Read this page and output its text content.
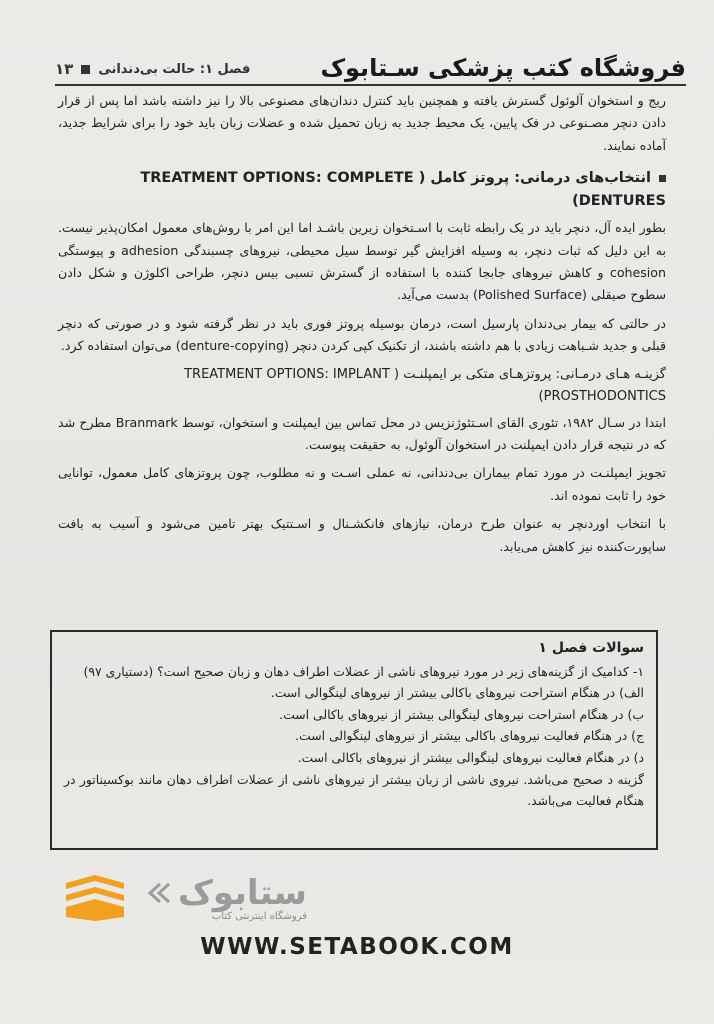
فروشگاه کتب پزشکی سـتابوک
فصل ۱: حالت بی‌دندانی
۱۳

ریج و استخوان آلوئول گسترش یافته و همچنین باید کنترل دندان‌های مصنوعی بالا را نیز داشته باشد اما پس از قرار دادن دنچر مصـنوعی در فک پایین، یک محیط جدید به زبان تحمیل شده و عضلات زبان باید خود را برای شرایط جدید، آماده نمایند.

انتخاب‌های درمانی: پروتز کامل ( TREATMENT OPTIONS: COMPLETE DENTURES)

بطور ایده آل، دنچر باید در یک رابطه ثابت با اسـتخوان زیرین باشـد اما این امر با روش‌های معمول امکان‌پذیر نیست. به این دلیل که ثبات دنچر، به وسیله افزایش گیر توسط سیل محیطی، نیروهای چسبندگی adhesion و پیوستگی cohesion و کاهش نیروهای جابجا کننده با استفاده از گسترش نسبی بیس دنچر، طراحی اکلوژن و شکل دادن سطوح صیقلی (Polished Surface) بدست می‌آید.

در حالتی که بیمار بی‌دندان پارسیل است، درمان بوسیله پروتز فوری باید در نظر گرفته شود و در صورتی که دنچر قبلی و جدید شـباهت زیادی با هم داشته باشند، از تکنیک کپی کردن دنچر (denture-copying) می‌توان استفاده کرد.

گزینـه هـای درمـانی: پروتزهـای متکی بر ایمپلنـت ( TREATMENT OPTIONS: IMPLANT PROSTHODONTICS)

ابتدا در سـال ۱۹۸۲، تئوری القای اسـتئوژنزیس در محل تماس بین ایمپلنت و استخوان، توسط Branmark مطرح شد که در نتیجه قرار دادن ایمپلنت در استخوان آلوئول، به حقیقت پیوست.

تجویز ایمپلنـت در مورد تمام بیماران بی‌دندانی، نه عملی اسـت و نه مطلوب، چون پروتزهای کامل معمول، توانایی خود را ثابت نموده اند.

با انتخاب اوردنچر به عنوان طرح درمان، نیازهای فانکشـنال و اسـتتیک بهتر تامین می‌شود و آسیب به بافت ساپورت‌کننده نیز کاهش می‌یابد.

سوالات فصل ۱
۱- کدامیک از گزینه‌های زیر در مورد نیروهای ناشی از عضلات اطراف دهان و زبان صحیح است؟ (دستیاری ۹۷)
الف) در هنگام استراحت نیروهای باکالی بیشتر از نیروهای لینگوالی است.
ب) در هنگام استراحت نیروهای لینگوالی بیشتر از نیروهای باکالی است.
ج) در هنگام فعالیت نیروهای باکالی بیشتر از نیروهای لینگوالی است.
د) در هنگام فعالیت نیروهای لینگوالی بیشتر از نیروهای باکالی است.
گزینه د صحیح می‌باشد. نیروی ناشی از زبان بیشتر از نیروهای ناشی از عضلات اطراف دهان مانند بوکسیناتور در هنگام فعالیت می‌باشد.
ستابوک
فروشگاه اینترنتی کتاب
WWW.SETABOOK.COM
